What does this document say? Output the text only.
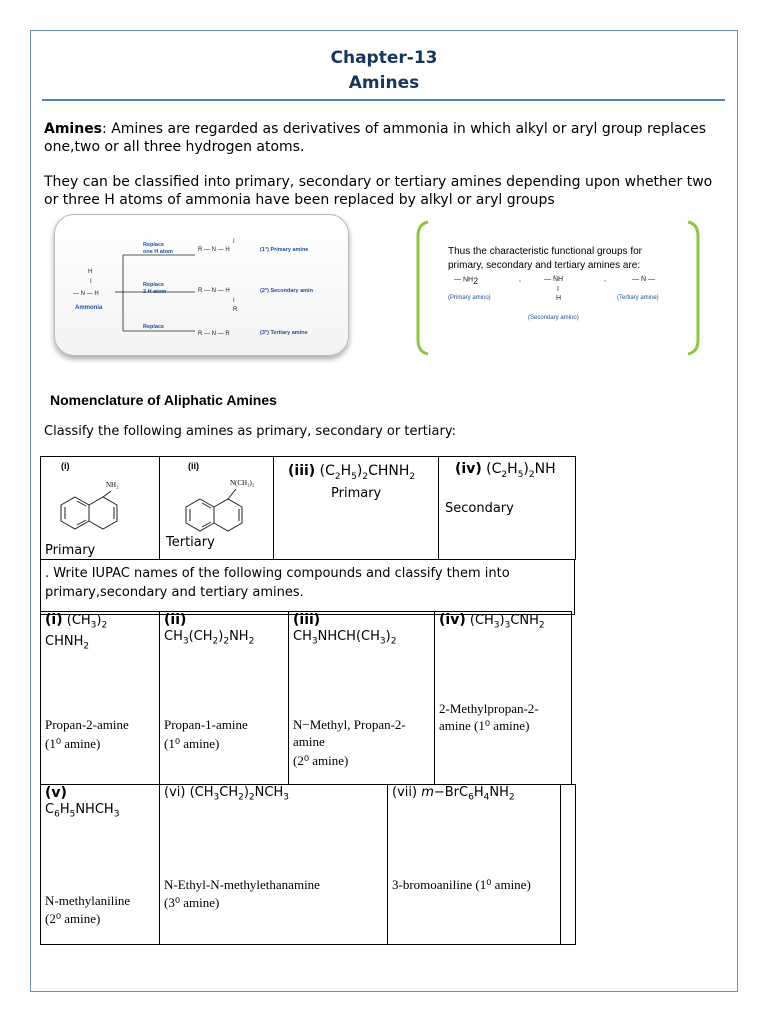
Chapter-13
Amines
Amines: Amines are regarded as derivatives of ammonia in which alkyl or aryl group replaces one,two or all three hydrogen atoms.
They can be classified into primary, secondary or tertiary amines depending upon whether two or three H atoms of ammonia have been replaced by alkyl or aryl groups
H
I
— N — H
Ammonia
Replace
one H atom
Replace
2 H atom
Replace
I
R — N — H
R — N — H
I
R
R — N — R
(1°) Primary amine
(2°) Secondary amin
(3°) Tertiary amine
Thus the characteristic functional groups for primary, secondary and tertiary amines are:
— $NH_2$	,	— N̈H	,	— N̈ —
I
H
(Primary amino)	(Tertiary amine)
(Secondary amino)
Nomenclature of Aliphatic Amines
Classify the following amines as primary, secondary or tertiary:
(i)
NH₂
Primary

(ii)
N(CH₃)₂
Tertiary

(iii) $(C_2H_5)_2CHNH_2$
Primary

(iv) $(C_2H_5)_2NH$
Secondary
. Write IUPAC names of the following compounds and classify them into primary,secondary and tertiary amines.
(i) $(CH_3)_2$
$CHNH_2$
Propan-2-amine
(1⁰ amine)

(ii)
$CH_3(CH_2)_2NH_2$
Propan-1-amine
(1⁰ amine)

(iii)
$CH_3NHCH(CH_3)_2$
N−Methyl, Propan-2-amine
(2⁰ amine)

(iv) $(CH_3)_3CNH_2$
2-Methylpropan-2-amine (1⁰ amine)
(v)
$C_6H_5NHCH_3$
N-methylaniline
(2⁰ amine)

(vi) $(CH_3CH_2)_2NCH_3$
N-Ethyl-N-methylethanamine
(3⁰ amine)

(vii) $m-BrC_6H_4NH_2$
3-bromoaniline (1⁰ amine)
